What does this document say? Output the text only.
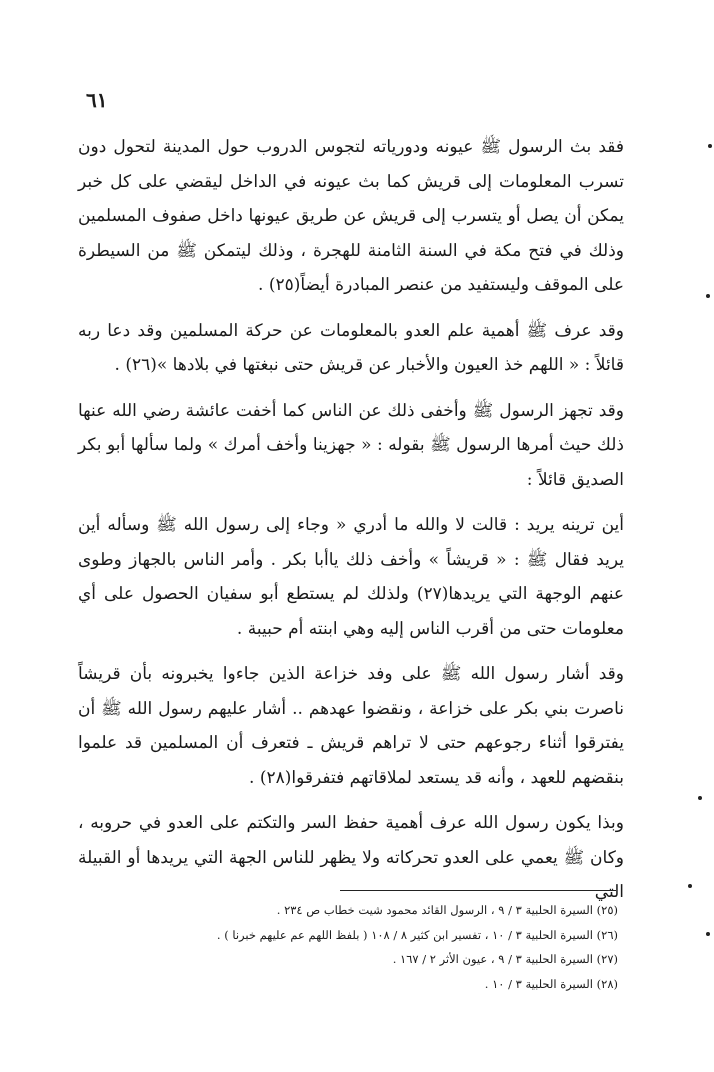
٦١

فقد بث الرسول ﷺ عيونه ودورياته لتجوس الدروب حول المدينة لتحول دون تسرب المعلومات إلى قريش كما بث عيونه في الداخل ليقضي على كل خبر يمكن أن يصل أو يتسرب إلى قريش عن طريق عيونها داخل صفوف المسلمين وذلك في فتح مكة في السنة الثامنة للهجرة ، وذلك ليتمكن ﷺ من السيطرة على الموقف وليستفيد من عنصر المبادرة أيضاً(٢٥) .

وقد عرف ﷺ أهمية علم العدو بالمعلومات عن حركة المسلمين وقد دعا ربه قائلاً : « اللهم خذ العيون والأخبار عن قريش حتى نبغتها في بلادها »(٢٦) .

وقد تجهز الرسول ﷺ وأخفى ذلك عن الناس كما أخفت عائشة رضي الله عنها ذلك حيث أمرها الرسول ﷺ بقوله : « جهزينا وأخف أمرك » ولما سألها أبو بكر الصديق قائلاً :

أين ترينه يريد : قالت لا والله ما أدري « وجاء إلى رسول الله ﷺ وسأله أين يريد فقال ﷺ : « قريشاً » وأخف ذلك ياأبا بكر . وأمر الناس بالجهاز وطوى عنهم الوجهة التي يريدها(٢٧) ولذلك لم يستطع أبو سفيان الحصول على أي معلومات حتى من أقرب الناس إليه وهي ابنته أم حبيبة .

وقد أشار رسول الله ﷺ على وفد خزاعة الذين جاءوا يخبرونه بأن قريشاً ناصرت بني بكر على خزاعة ، ونقضوا عهدهم .. أشار عليهم رسول الله ﷺ أن يفترقوا أثناء رجوعهم حتى لا تراهم قريش ـ فتعرف أن المسلمين قد علموا بنقضهم للعهد ، وأنه قد يستعد لملاقاتهم فتفرقوا(٢٨) .

وبذا يكون رسول الله عرف أهمية حفظ السر والتكتم على العدو في حروبه ، وكان ﷺ يعمي على العدو تحركاته ولا يظهر للناس الجهة التي يريدها أو القبيلة التي

(٢٥) السيرة الحلبية ٣ / ٩ ، الرسول القائد محمود شيت خطاب ص ٢٣٤ .

(٢٦) السيرة الحلبية ٣ / ١٠ ، تفسير ابن كثير ٨ / ١٠٨ ( بلفظ اللهم عم عليهم خبرنا ) .

(٢٧) السيرة الحلبية ٣ / ٩ ، عيون الأثر ٢ / ١٦٧ .

(٢٨) السيرة الحلبية ٣ / ١٠ .
